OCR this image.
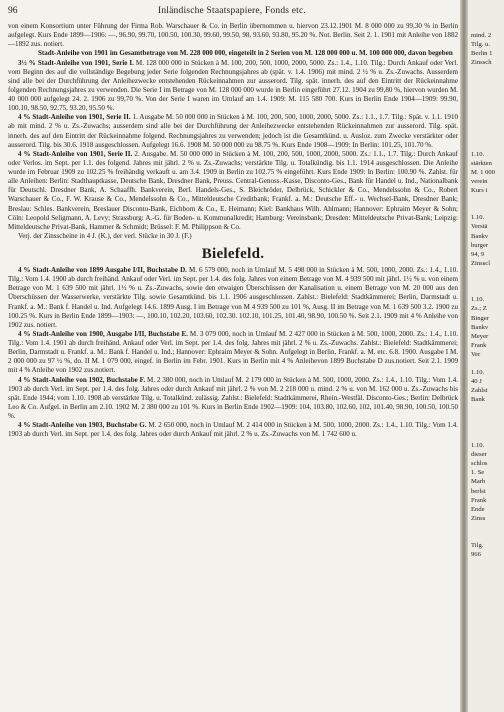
96	Inländische Staatspapiere, Fonds etc.

von einem Konsortium unter Führung der Firma Rob. Warschauer & Co. in Berlin übernommen u. hiervon 23.12.1901 M. 8 000 000 zu 99,30 % in Berlin aufgelegt. Kurs Ende 1899—1906: —, 96.90, 99.70, 100.50, 100.30, 99.60, 99.50, 98, 93.60, 93.80, 95.20 %. Not. Berlin. Seit 2. 1. 1901 mit Anleihe von 1882—1892 zus. notiert.

Stadt-Anleihe von 1901 im Gesamtbetrage von M. 228 000 000, eingeteilt in 2 Serien von M. 128 000 000 u. M. 100 000 000, davon begeben

3½ % Stadt-Anleihe von 1901, Serie I. M. 128 000 000 in Stücken à M. 100, 200, 500, 1000, 2000, 5000. Zs.: 1.4., 1.10. Tilg.: Durch Ankauf oder Verl. vom Beginn des auf die vollständige Begebung jeder Serie folgenden Rechnungsjahres ab (spät. v. 1.4. 1906) mit mind. 2 ½ % u. Zs.-Zuwachs. Ausserdem sind alle bei der Durchführung der Anleihezwecke entstehenden Rückeinnahmen zur ausserord. Tilg. spät. innerh. des auf den Eintritt der Rückeinnahme folgenden Rechnungsjahres zu verwenden. Die Serie I im Betrage von M. 128 000 000 wurde in Berlin eingeführt 27.12. 1904 zu 99,80 %, hiervon wurden M. 40 000 000 aufgelegt 24. 2. 1906 zu 99,70 %. Von der Serie I waren im Umlauf am 1.4. 1909: M. 115 580 700. Kurs in Berlin Ende 1904—1909: 99.90, 100.10, 98.50, 92.75, 93.20, 95.50 %.

4 % Stadt-Anleihe von 1901, Serie II. 1. Ausgabe M. 50 000 000 in Stücken à M. 100, 200, 500, 1000, 2000, 5000. Zs.: 1.1., 1.7. Tilg.: Spät. v. 1.1. 1910 ab mit mind. 2 % u. Zs.-Zuwachs; ausserdem sind alle bei der Durchführung der Anleihezwecke entstehenden Rückeinnahmen zur ausserord. Tilg. spät. innerh. des auf den Eintritt der Rückeinnahme folgend. Rechnungsjahres zu verwenden; jedoch ist die Gesamtkünd. u. Ausloz. zum Zwecke verstärkter oder ausserord. Tilg. bis 30.6. 1918 ausgeschlossen. Aufgelegt 16.6. 1908 M. 50 000 000 zu 98.75 %. Kurs Ende 1908—1909: In Berlin: 101.25, 101.70 %.

4 % Stadt-Anleihe von 1901, Serie II. 2. Ausgabe. M. 50 000 000 in Stücken à M. 100, 200, 500, 1000, 2000, 5000. Zs.: 1.1., 1.7. Tilg.: Durch Ankauf oder Verlos. im Sept. per 1.1. des folgend. Jahres mit jährl. 2 % u. Zs.-Zuwachs; verstärkte Tilg. u. Totalkündig. bis 1.1. 1914 ausgeschlossen. Die Anleihe wurde im Februar 1909 zu 102.25 % freihändig verkauft u. am 3.4. 1909 in Berlin zu 102.75 % eingeführt. Kurs Ende 1909: In Berlin: 100.90 %. Zahlst. für alle Anleihen: Berlin: Stadthauptkasse, Deutsche Bank, Dresdner Bank, Preuss. Central-Genoss.-Kasse, Disconto-Ges., Bank für Handel u. Ind., Nationalbank für Deutschl. Dresdner Bank, A. Schaaffh. Bankverein, Berl. Handels-Ges., S. Bleichröder, Delbrück, Schickler & Co., Mendelssohn & Co., Robert Warschauer & Co., F. W. Krause & Co., Mendelssohn & Co., Mitteldeutsche Creditbank; Frankf. a. M.: Deutsche Eff.- u. Wechsel-Bank, Dresdner Bank; Breslau: Schles. Bankverein, Breslauer Disconto-Bank, Eichborn & Co., E. Heimann; Kiel: Bankhaus Wilh. Ahlmann; Hannover: Ephraim Meyer & Sohn; Cöln: Leopold Seligmann, A. Levy; Strassburg: A.-G. für Boden- u. Kommunalkredit; Hamburg: Vereinsbank; Dresden: Mitteldeutsche Privat-Bank; Leipzig: Mitteldeutsche Privat-Bank, Hammer & Schmidt; Brüssel: F. M. Philippson & Co.

Verj. der Zinsscheine in 4 J. (K.), der verl. Stücke in 30 J. (F.)

Bielefeld.

4 % Stadt-Anleihe von 1899 Ausgabe I/II, Buchstabe D. M. 6 579 000, noch in Umlauf M. 5 498 000 in Stücken à M. 500, 1000, 2000. Zs.: 1.4., 1.10. Tilg.: Vom 1.4. 1900 ab durch freihänd. Ankauf oder Verl. im Sept. per 1.4. des folg. Jahres von einem Betrage von M. 4 939 500 mit jährl. 1½ % u. von einem Betrage von M. 1 639 500 mit jährl. 1½ % u. Zs.-Zuwachs, sowie den etwaigen Überschüssen der Kanalisation u. einem Betrage von M. 20 000 aus den Überschüssen der Wasserwerke, verstärkte Tilg. sowie Gesamtkünd. bis 1.1. 1906 ausgeschlossen. Zahlst.: Bielefeld: Stadtkämmerei; Berlin, Darmstadt u. Frankf. a. M.: Bank f. Handel u. Ind. Aufgelegt 14.6. 1899 Ausg. I im Betrage von M 4 939 500 zu 101 %, Ausg. II im Betrage von M. 1 639 500 3.2. 1900 zu 100.25 %. Kurs in Berlin Ende 1899—1903: —, 100.10, 102.20, 103.60, 102.30. 102.10, 101.25, 101.40, 98.90, 100.50 %. Seit 2.1. 1909 mit 4 % Anleihe von 1902 zus. notiert.

4 % Stadt-Anleihe von 1900, Ausgabe I/II, Buchstabe E. M. 3 079 000, noch in Umlauf M. 2 427 000 in Stücken à M. 500, 1000, 2000. Zs.: 1.4., 1.10. Tilg.: Vom 1.4. 1901 ab durch freihänd. Ankauf oder Verl. im Sept. per 1.4. des folg. Jahres mit jährl. 2 % u. Zs.-Zuwachs. Zahlst.: Bielefeld: Stadtkämmerei; Berlin, Darmstadt u. Frankf. a. M.: Bank f. Handel u. Ind.; Hannover: Ephraim Meyer & Sohn. Aufgelegt in Berlin, Frankf. a. M. etc. 6.8. 1900. Ausgabe I M. 2 000 000 zu 97 ½ %, do. II M. 1 079 000, eingef. in Berlin im Febr. 1901. Kurs in Berlin mit 4 % Anleihevon 1899 Buchstabe D zus.notiert. Seit 2.1. 1909 mit 4 % Anleihe von 1902 zus.notiert.

4 % Stadt-Anleihe von 1902, Buchstabe F. M. 2 380 000, noch in Umlauf M. 2 179 000 in Stücken à M. 500, 1000, 2000. Zs.: 1.4., 1.10. Tilg.: Vom 1.4. 1903 ab durch Verl. im Sept. per 1.4. des folg. Jahres oder durch Ankauf mit jährl. 2 % von M. 2 218 000 u. mind. 2 % u. von M. 162 000 u. Zs.-Zuwachs bis spät. Ende 1944; vom 1.10. 1908 ab verstärkte Tilg. u. Totalkünd. zulässig. Zahlst.: Bielefeld: Stadtkämmerei, Rhein.-Westfäl. Disconto-Ges.; Berlin: Delbrück Leo & Co. Aufgel. in Berlin am 2.10. 1902 M. 2 380 000 zu 101 %. Kurs in Berlin Ende 1902—1909: 104, 103.80, 102.60, 102, 101.40, 98.90, 100.50, 100.50 %.

4 % Stadt-Anleihe von 1903, Buchstabe G. M. 2 650 000, noch in Umlauf M. 2 414 000 in Stücken à M. 500, 1000, 2000. Zs.: 1.4., 1.10. Tilg.: Vom 1.4. 1903 ab durch Verl. im Sept. per 1.4. des folg. Jahres oder durch Ankauf mit jährl. 2 % u. Zs.-Zuwachs von M. 1 742 600 u.

mind. 2
Tilg. u.
Berlin 1
Zinssch
1.10.
stärkten
M. 1 000
verein
Kurs i
1.10.
Verstä
Bankv
burger
94, 9
Zinsscl
1.10.
Zs.; Z
Binger
Bankv
Meyer
Frank
Ver
1.10.
40 J
Zahlst
Bank
1.10.
dieser
schlos
1. Se
Marb
berlst
Frank
Ende
Zinss
Tilg.
966
